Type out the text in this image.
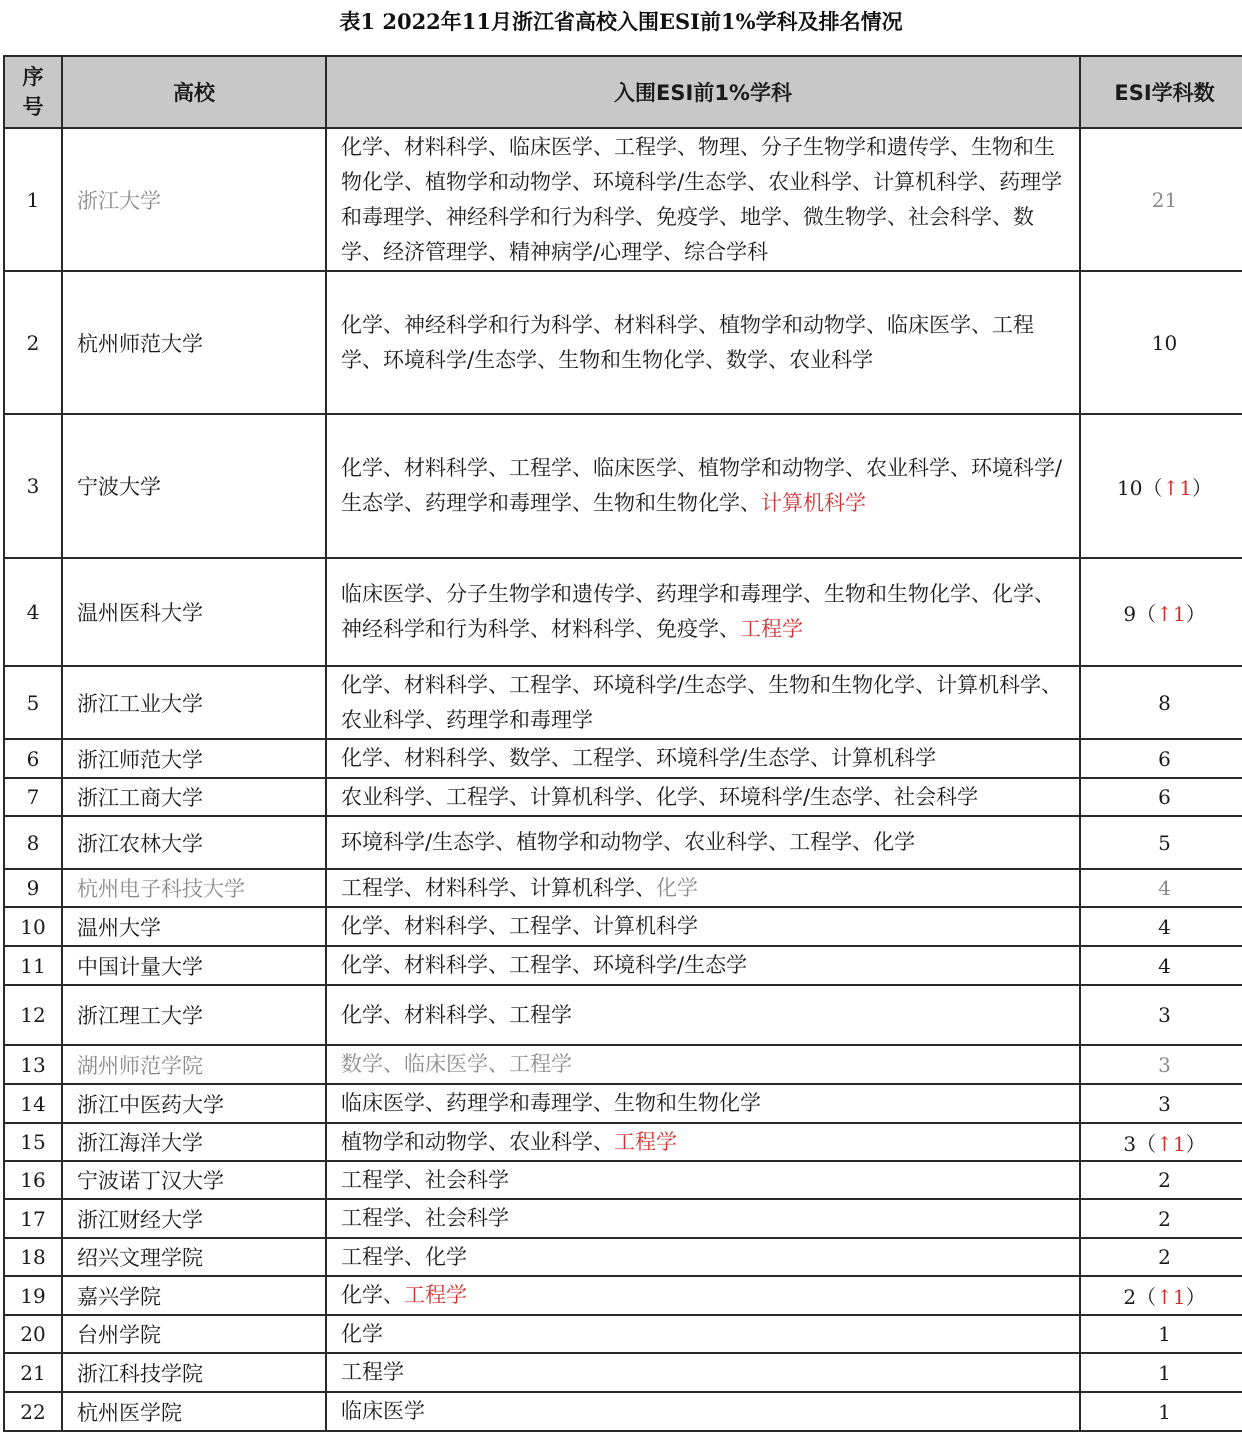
表1 2022年11月浙江省高校入围ESI前1%学科及排名情况
序
号	高校	入围ESI前1%学科	ESI学科数
1	浙江大学	化学、材料科学、临床医学、工程学、物理、分子生物学和遗传学、生物和生物化学、植物学和动物学、环境科学/生态学、农业科学、计算机科学、药理学和毒理学、神经科学和行为科学、免疫学、地学、微生物学、社会科学、数学、经济管理学、精神病学/心理学、综合学科	21
2	杭州师范大学	化学、神经科学和行为科学、材料科学、植物学和动物学、临床医学、工程学、环境科学/生态学、生物和生物化学、数学、农业科学	10
3	宁波大学	化学、材料科学、工程学、临床医学、植物学和动物学、农业科学、环境科学/生态学、药理学和毒理学、生物和生物化学、计算机科学	10（↑1）
4	温州医科大学	临床医学、分子生物学和遗传学、药理学和毒理学、生物和生物化学、化学、神经科学和行为科学、材料科学、免疫学、工程学	9（↑1）
5	浙江工业大学	化学、材料科学、工程学、环境科学/生态学、生物和生物化学、计算机科学、农业科学、药理学和毒理学	8
6	浙江师范大学	化学、材料科学、数学、工程学、环境科学/生态学、计算机科学	6
7	浙江工商大学	农业科学、工程学、计算机科学、化学、环境科学/生态学、社会科学	6
8	浙江农林大学	环境科学/生态学、植物学和动物学、农业科学、工程学、化学	5
9	杭州电子科技大学	工程学、材料科学、计算机科学、化学	4
10	温州大学	化学、材料科学、工程学、计算机科学	4
11	中国计量大学	化学、材料科学、工程学、环境科学/生态学	4
12	浙江理工大学	化学、材料科学、工程学	3
13	湖州师范学院	数学、临床医学、工程学	3
14	浙江中医药大学	临床医学、药理学和毒理学、生物和生物化学	3
15	浙江海洋大学	植物学和动物学、农业科学、工程学	3（↑1）
16	宁波诺丁汉大学	工程学、社会科学	2
17	浙江财经大学	工程学、社会科学	2
18	绍兴文理学院	工程学、化学	2
19	嘉兴学院	化学、工程学	2（↑1）
20	台州学院	化学	1
21	浙江科技学院	工程学	1
22	杭州医学院	临床医学	1
